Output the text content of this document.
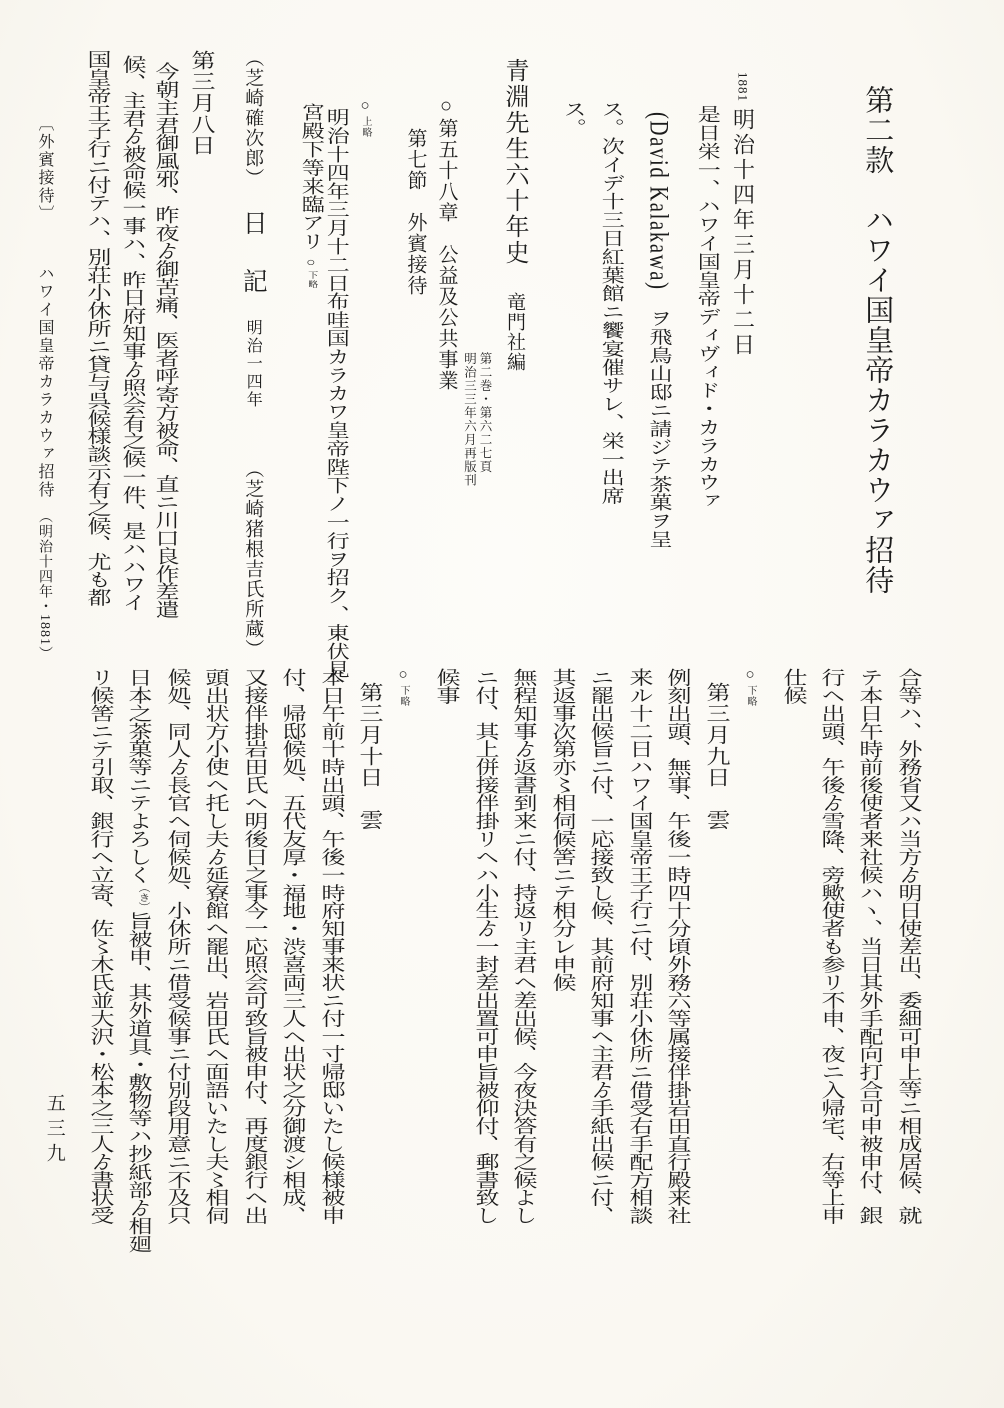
第二款　ハワイ国皇帝カラカウァ招待
1881明治十四年三月十二日
是日栄一、ハワイ国皇帝ディヴィド・カラカウァ
(David Kalakawa)　ヲ飛鳥山邸ニ請ジテ茶菓ヲ呈
ス。次イデ十三日紅葉館ニ饗宴催サレ、栄一出席
ス。
青淵先生六十年史竜門社編
第二巻・第六二七頁
明治三三年六月再版刊
○第五十八章　公益及公共事業
第七節　外賓接待
○上略
明治十四年三月十二日布哇国カラカワ皇帝陛下ノ一行ヲ招ク、東伏見
宮殿下等来臨アリ○下略
（芝崎確次郎）日　記明治一四年（芝崎猪根吉氏所蔵）
第三月八日
今朝主君御風邪、昨夜ゟ御苦痛、医者呼寄方被命、直ニ川口良作差遣
候、主君ゟ被命候一事ハ、昨日府知事ゟ照会有之候一件、是ハハワイ
国皇帝王子行ニ付テハ、別荘小休所ニ貸与呉候様談示有之候、尤も都
〔外賓接待〕ハワイ国皇帝カラカウァ招待（明治十四年・1881）
合等ハ、外務省又ハ当方ゟ明日使差出、委細可申上等ニ相成居候、就
テ本日午時前後使者来社候ハヽ、当日其外手配向打合可申被申付、銀
行ヘ出頭、午後ゟ雪降、旁歟使者も参リ不申、夜ニ入帰宅、右等上申
仕候
○下略
第三月九日　雲
例刻出頭、無事、午後一時四十分頃外務六等属接伴掛岩田直行殿来社
来ル十二日ハワイ国皇帝王子行ニ付、別荘小休所ニ借受右手配方相談
ニ罷出候旨ニ付、一応接致し候、其前府知事ヘ主君ゟ手紙出候ニ付、
其返事次第亦〻相伺候筈ニテ相分レ申候
無程知事ゟ返書到来ニ付、持返リ主君ヘ差出候、今夜決答有之候よし
ニ付、其上併接伴掛リヘハ小生ゟ一封差出置可申旨被仰付、郵書致し
候事
○下略
第三月十日　雲
本日午前十時出頭、午後一時府知事来状ニ付一寸帰邸いたし候様被申
付、帰邸候処、五代友厚・福地・渋喜両三人ヘ出状之分御渡シ相成、
又接伴掛岩田氏ヘ明後日之事今一応照会可致旨被申付、再度銀行ヘ出
頭出状方小使ヘ托し夫ゟ延寮館ヘ罷出、岩田氏ヘ面語いたし夫〻相伺
候処、同人ゟ長官ヘ伺候処、小休所ニ借受候事ニ付別段用意ニ不及只
日本之茶菓等ニテよろしく（き）旨被申、其外道具・敷物等ハ抄紙部ゟ相廻
リ候筈ニテ引取、銀行ヘ立寄、佐〻木氏並大沢・松本之三人ゟ書状受
五三九
